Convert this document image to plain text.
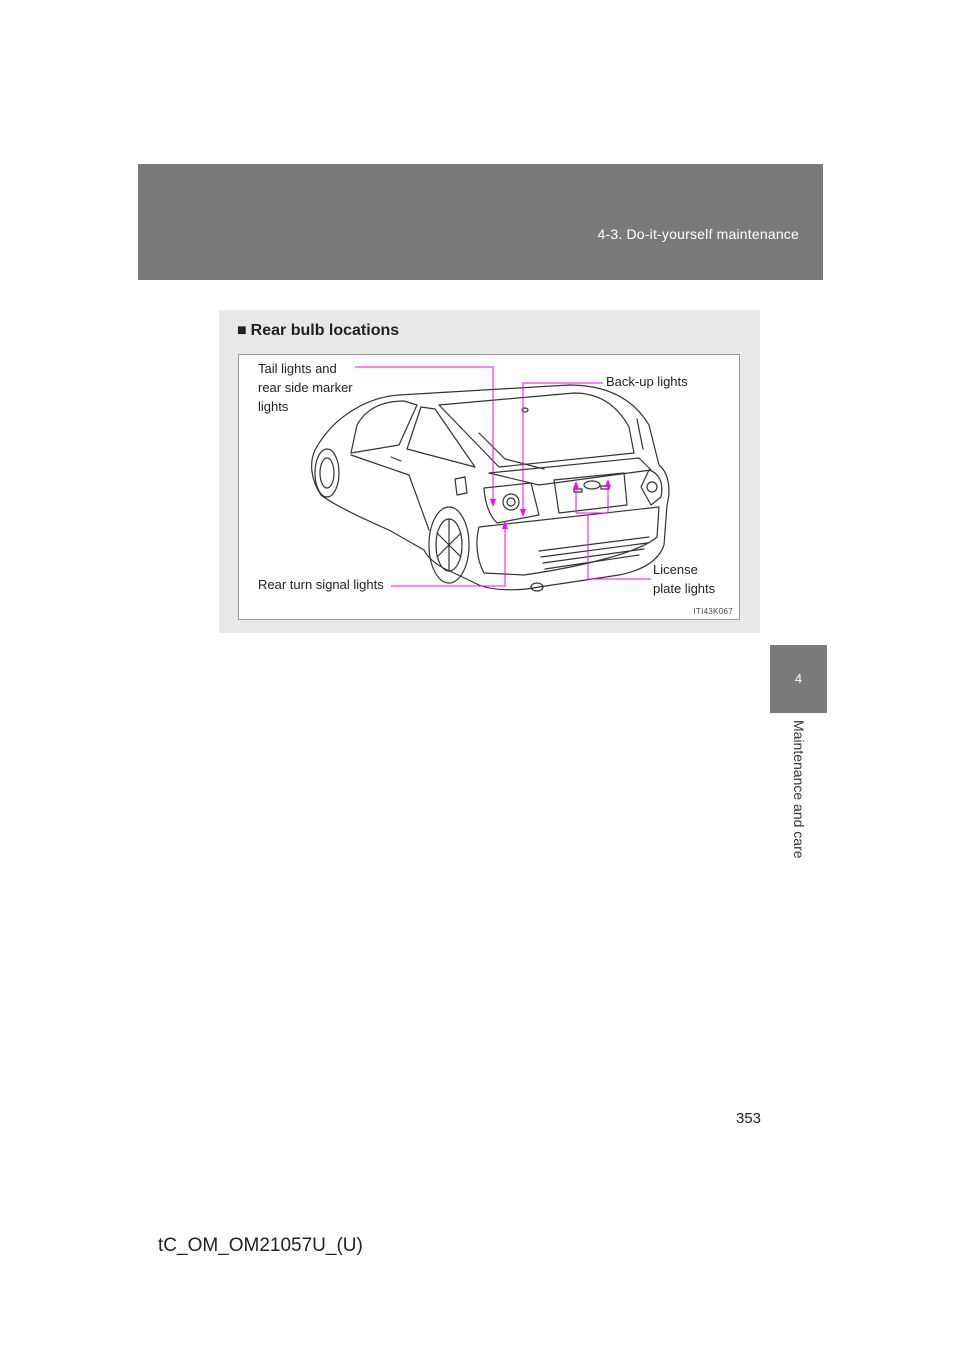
4-3. Do-it-yourself maintenance
4
Maintenance and care
■ Rear bulb locations
Tail lights and
rear side marker
lights
Back-up lights
Rear turn signal lights
License
plate lights
ITI43K067
353
tC_OM_OM21057U_(U)
